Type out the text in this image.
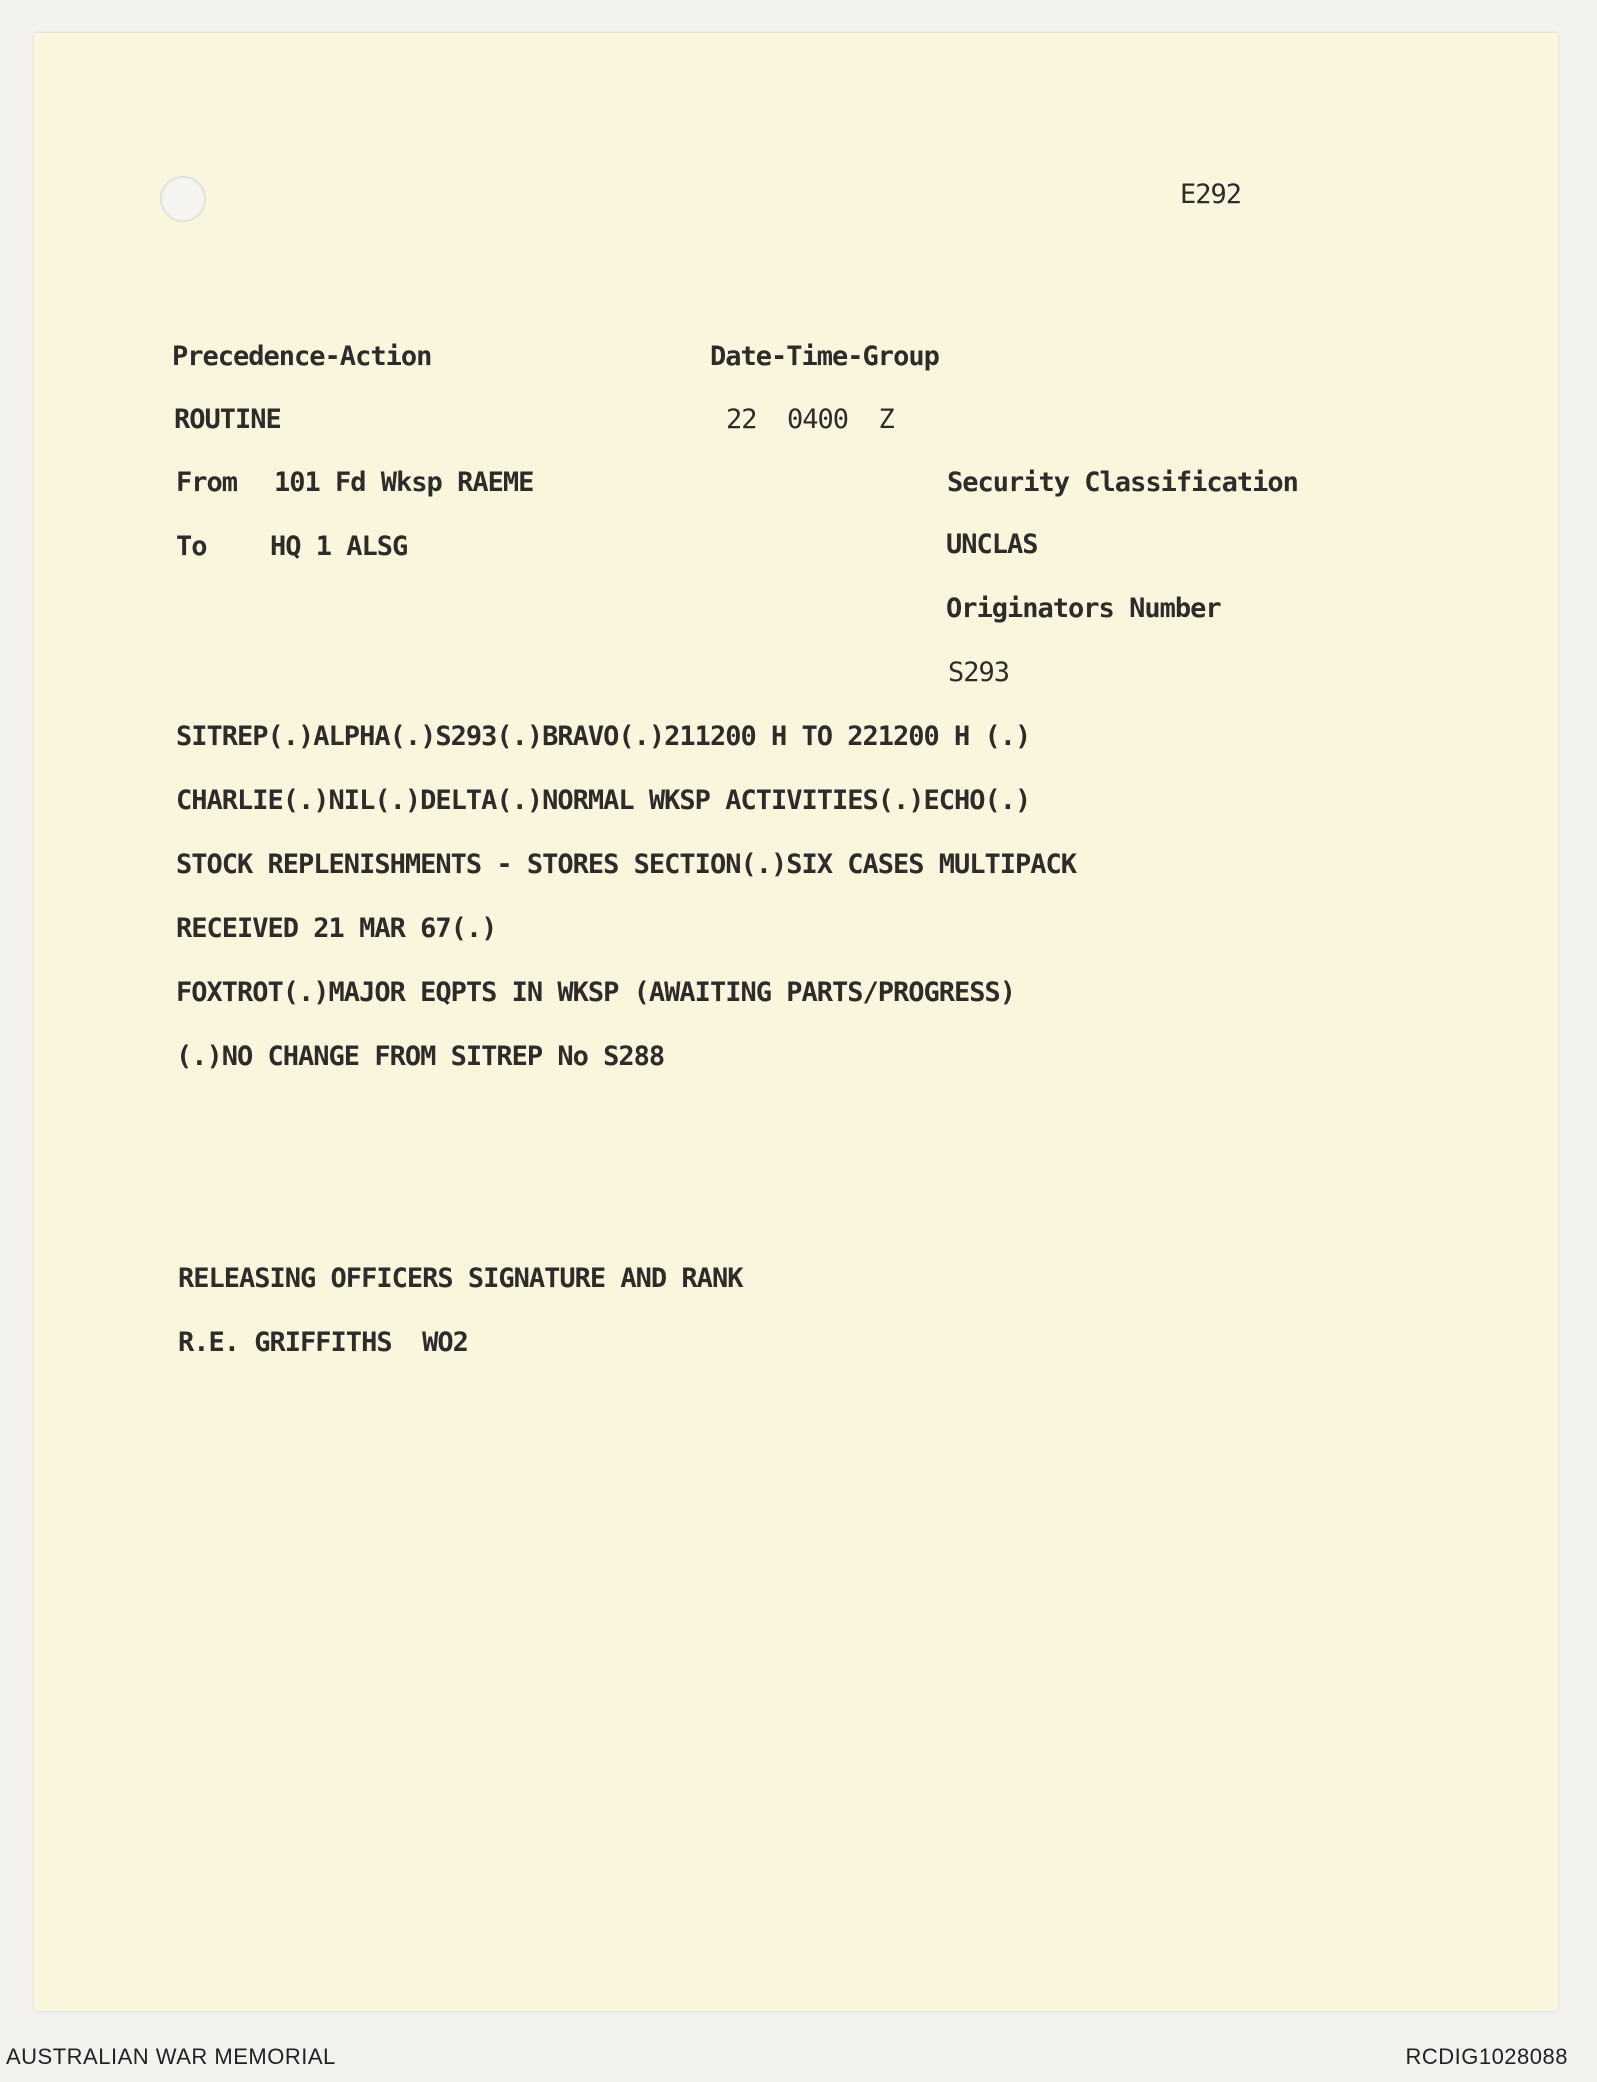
E292
Precedence-Action	Date-Time-Group
ROUTINE	22  0400  Z
From 101 Fd Wksp RAEME	Security Classification
To HQ 1 ALSG	UNCLAS
Originators Number
S293
SITREP(.)ALPHA(.)S293(.)BRAVO(.)211200 H TO 221200 H (.)
CHARLIE(.)NIL(.)DELTA(.)NORMAL WKSP ACTIVITIES(.)ECHO(.)
STOCK REPLENISHMENTS - STORES SECTION(.)SIX CASES MULTIPACK
RECEIVED 21 MAR 67(.)
FOXTROT(.)MAJOR EQPTS IN WKSP (AWAITING PARTS/PROGRESS)
(.)NO CHANGE FROM SITREP No S288
RELEASING OFFICERS SIGNATURE AND RANK
R.E. GRIFFITHS  WO2
AUSTRALIAN WAR MEMORIAL	RCDIG1028088
